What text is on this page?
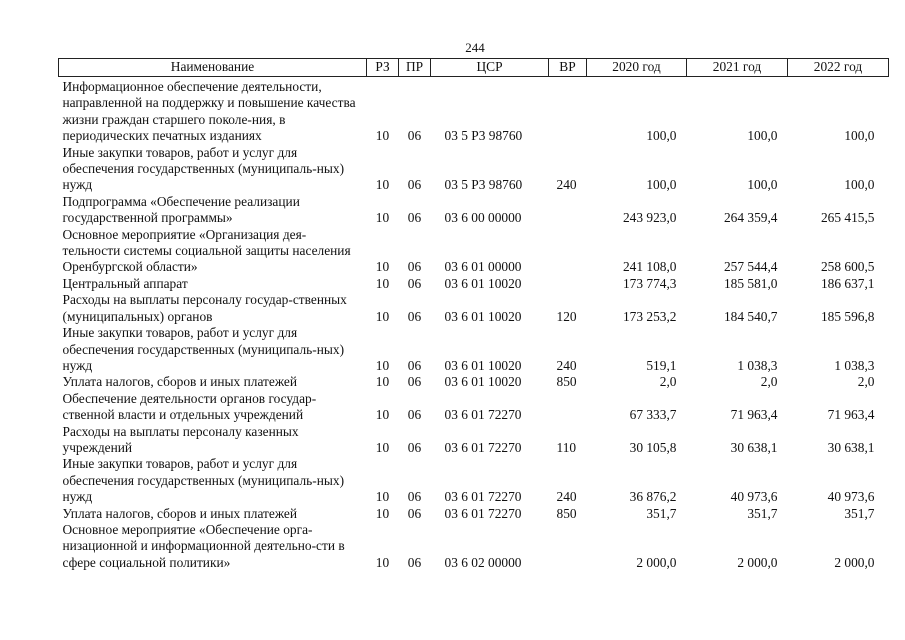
244
Наименование	РЗ	ПР	ЦСР	ВР	2020 год	2021 год	2022 год
Информационное обеспечение деятельности, направленной на поддержку и повышение качества жизни граждан старшего поколе-ния, в периодических печатных изданиях	10	06	03 5 P3 98760		100,0	100,0	100,0
Иные закупки товаров, работ и услуг для обеспечения государственных (муниципаль-ных) нужд	10	06	03 5 P3 98760	240	100,0	100,0	100,0
Подпрограмма «Обеспечение реализации государственной программы»	10	06	03 6 00 00000		243 923,0	264 359,4	265 415,5
Основное мероприятие «Организация дея-тельности системы социальной защиты населения Оренбургской области»	10	06	03 6 01 00000		241 108,0	257 544,4	258 600,5
Центральный аппарат	10	06	03 6 01 10020		173 774,3	185 581,0	186 637,1
Расходы на выплаты персоналу государ-ственных (муниципальных) органов	10	06	03 6 01 10020	120	173 253,2	184 540,7	185 596,8
Иные закупки товаров, работ и услуг для обеспечения государственных (муниципаль-ных) нужд	10	06	03 6 01 10020	240	519,1	1 038,3	1 038,3
Уплата налогов, сборов и иных платежей	10	06	03 6 01 10020	850	2,0	2,0	2,0
Обеспечение деятельности органов государ-ственной власти и отдельных учреждений	10	06	03 6 01 72270		67 333,7	71 963,4	71 963,4
Расходы на выплаты персоналу казенных учреждений	10	06	03 6 01 72270	110	30 105,8	30 638,1	30 638,1
Иные закупки товаров, работ и услуг для обеспечения государственных (муниципаль-ных) нужд	10	06	03 6 01 72270	240	36 876,2	40 973,6	40 973,6
Уплата налогов, сборов и иных платежей	10	06	03 6 01 72270	850	351,7	351,7	351,7
Основное мероприятие «Обеспечение орга-низационной и информационной деятельно-сти в сфере социальной политики»	10	06	03 6 02 00000		2 000,0	2 000,0	2 000,0
